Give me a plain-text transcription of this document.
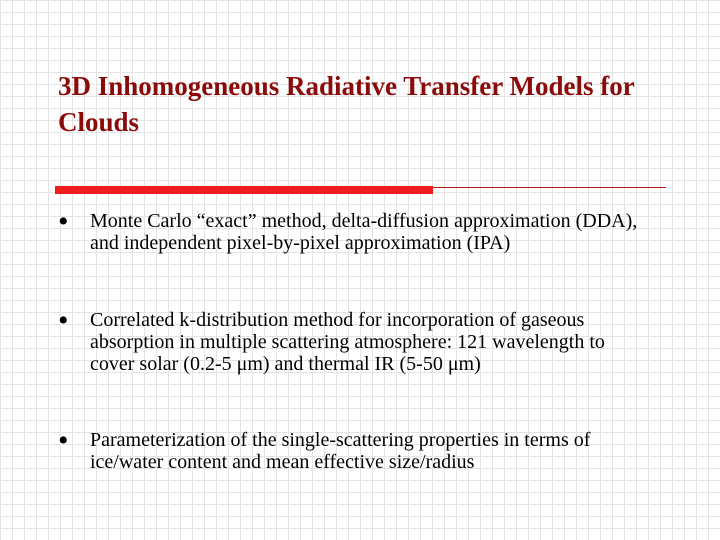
3D Inhomogeneous Radiative Transfer Models for Clouds
• Monte Carlo “exact” method, delta-diffusion approximation (DDA), and independent pixel-by-pixel approximation (IPA)
• Correlated k-distribution method for incorporation of gaseous absorption in multiple scattering atmosphere: 121 wavelength to cover solar (0.2-5 μm) and thermal IR (5-50 μm)
• Parameterization of the single-scattering properties in terms of ice/water content and mean effective size/radius
